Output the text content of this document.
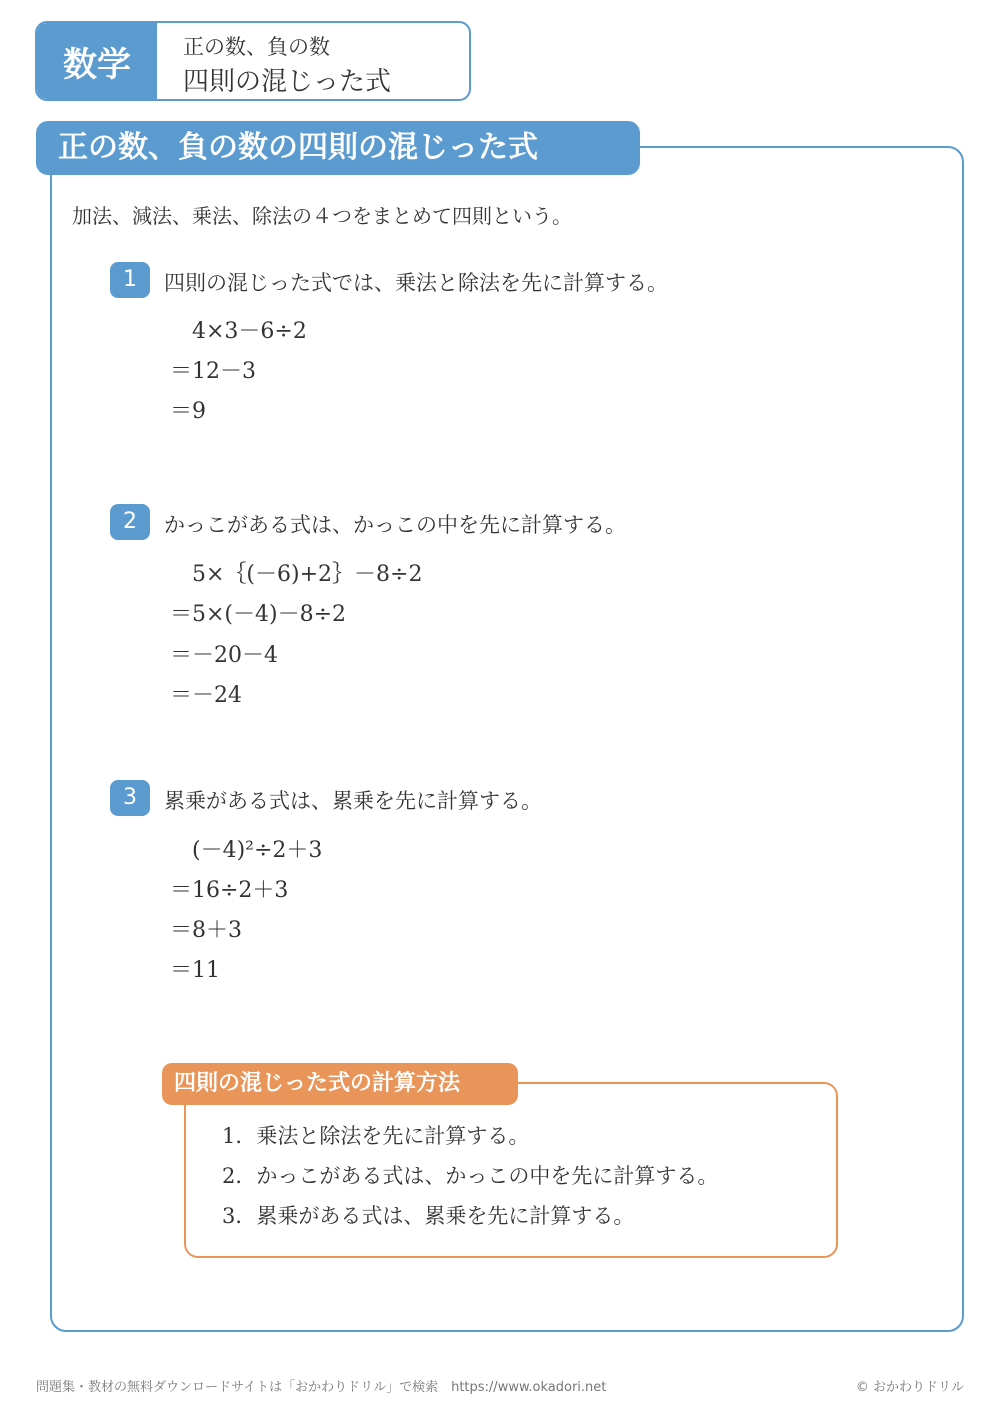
数学	正の数、負の数
四則の混じった式
正の数、負の数の四則の混じった式
加法、減法、乗法、除法の４つをまとめて四則という。
1	四則の混じった式では、乗法と除法を先に計算する。
　4×3－6÷2
＝12－3
＝9
2	かっこがある式は、かっこの中を先に計算する。
　5×｛(－6)+2｝－8÷2
＝5×(－4)－8÷2
＝－20－4
＝－24
3	累乗がある式は、累乗を先に計算する。
　(－4)²÷2＋3
＝16÷2＋3
＝8＋3
＝11
四則の混じった式の計算方法
1．乗法と除法を先に計算する。
2．かっこがある式は、かっこの中を先に計算する。
3．累乗がある式は、累乗を先に計算する。
問題集・教材の無料ダウンロードサイトは「おかわりドリル」で検索　https://www.okadori.net	© おかわりドリル
